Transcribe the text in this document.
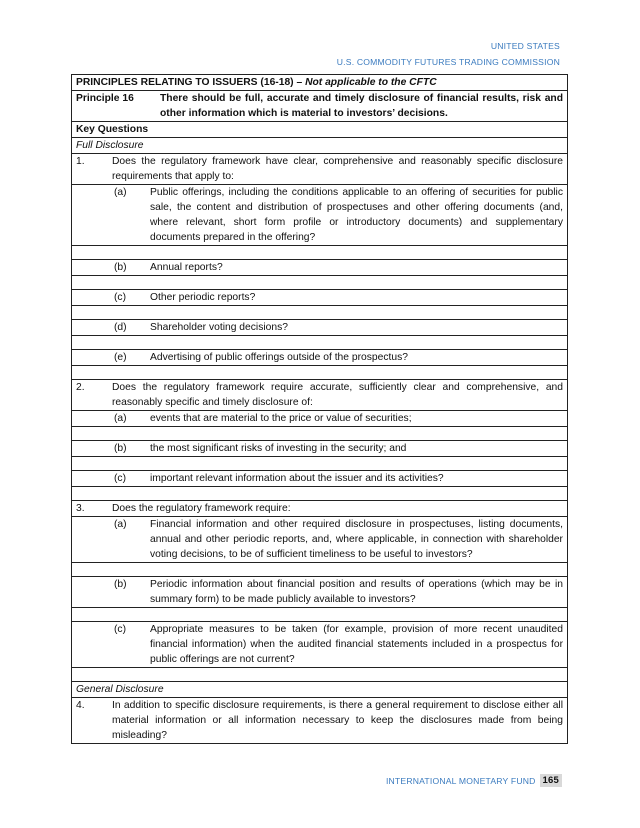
UNITED STATES
U.S. COMMODITY FUTURES TRADING COMMISSION
PRINCIPLES RELATING TO ISSUERS (16-18) – Not applicable to the CFTC

Principle 16	There should be full, accurate and timely disclosure of financial results, risk and other information which is material to investors’ decisions.

Key Questions
Full Disclosure

1.	Does the regulatory framework have clear, comprehensive and reasonably specific disclosure requirements that apply to:

(a)	Public offerings, including the conditions applicable to an offering of securities for public sale, the content and distribution of prospectuses and other offering documents (and, where relevant, short form profile or introductory documents) and supplementary documents prepared in the offering?

(b)	Annual reports?

(c)	Other periodic reports?

(d)	Shareholder voting decisions?

(e)	Advertising of public offerings outside of the prospectus?

2.	Does the regulatory framework require accurate, sufficiently clear and comprehensive, and reasonably specific and timely disclosure of:

(a)	events that are material to the price or value of securities;

(b)	the most significant risks of investing in the security; and

(c)	important relevant information about the issuer and its activities?

3.	Does the regulatory framework require:

(a)	Financial information and other required disclosure in prospectuses, listing documents, annual and other periodic reports, and, where applicable, in connection with shareholder voting decisions, to be of sufficient timeliness to be useful to investors?

(b)	Periodic information about financial position and results of operations (which may be in summary form) to be made publicly available to investors?

(c)	Appropriate measures to be taken (for example, provision of more recent unaudited financial information) when the audited financial statements included in a prospectus for public offerings are not current?

General Disclosure

4.	In addition to specific disclosure requirements, is there a general requirement to disclose either all material information or all information necessary to keep the disclosures made from being misleading?
INTERNATIONAL MONETARY FUND 165
